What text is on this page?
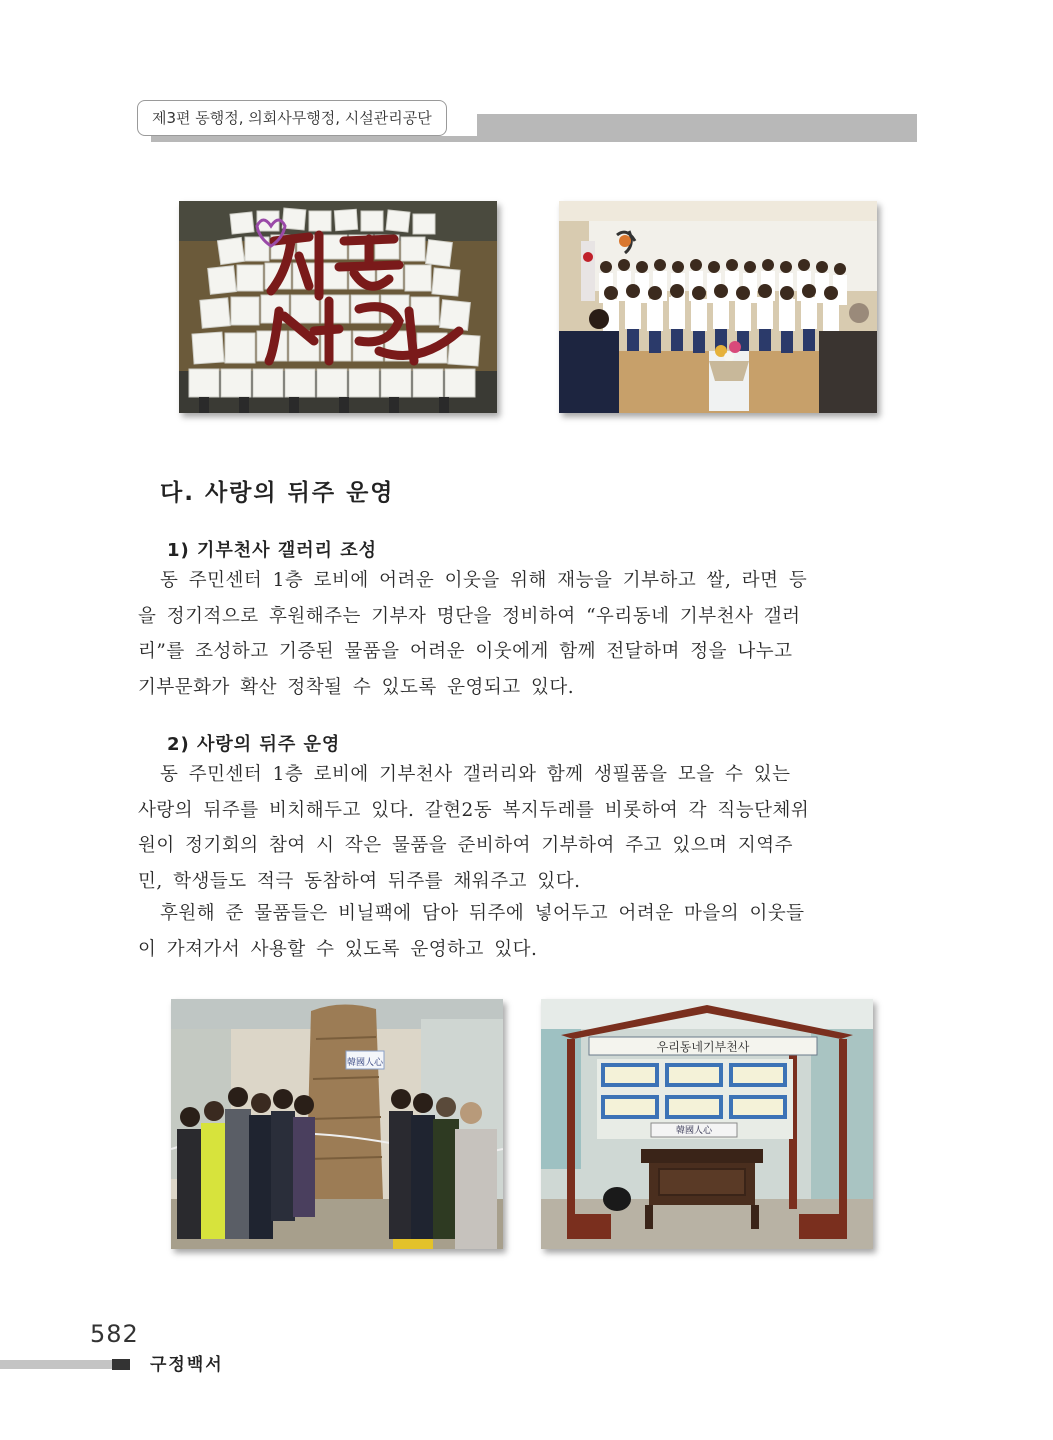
제3편 동행정, 의회사무행정, 시설관리공단
다. 사랑의 뒤주 운영
1) 기부천사 갤러리 조성

동 주민센터 1층 로비에 어려운 이웃을 위해 재능을 기부하고 쌀, 라면 등
을 정기적으로 후원해주는 기부자 명단을 정비하여 “우리동네 기부천사 갤러
리”를 조성하고 기증된 물품을 어려운 이웃에게 함께 전달하며 정을 나누고
기부문화가 확산 정착될 수 있도록 운영되고 있다.

2) 사랑의 뒤주 운영

동 주민센터 1층 로비에 기부천사 갤러리와 함께 생필품을 모을 수 있는
사랑의 뒤주를 비치해두고 있다. 갈현2동 복지두레를 비롯하여 각 직능단체위
원이 정기회의 참여 시 작은 물품을 준비하여 기부하여 주고 있으며 지역주
민, 학생들도 적극 동참하여 뒤주를 채워주고 있다.

후원해 준 물품들은 비닐팩에 담아 뒤주에 넣어두고 어려운 마을의 이웃들
이 가져가서 사용할 수 있도록 운영하고 있다.

韓國人心
우리동네기부천사
韓國人心
582
구정백서
